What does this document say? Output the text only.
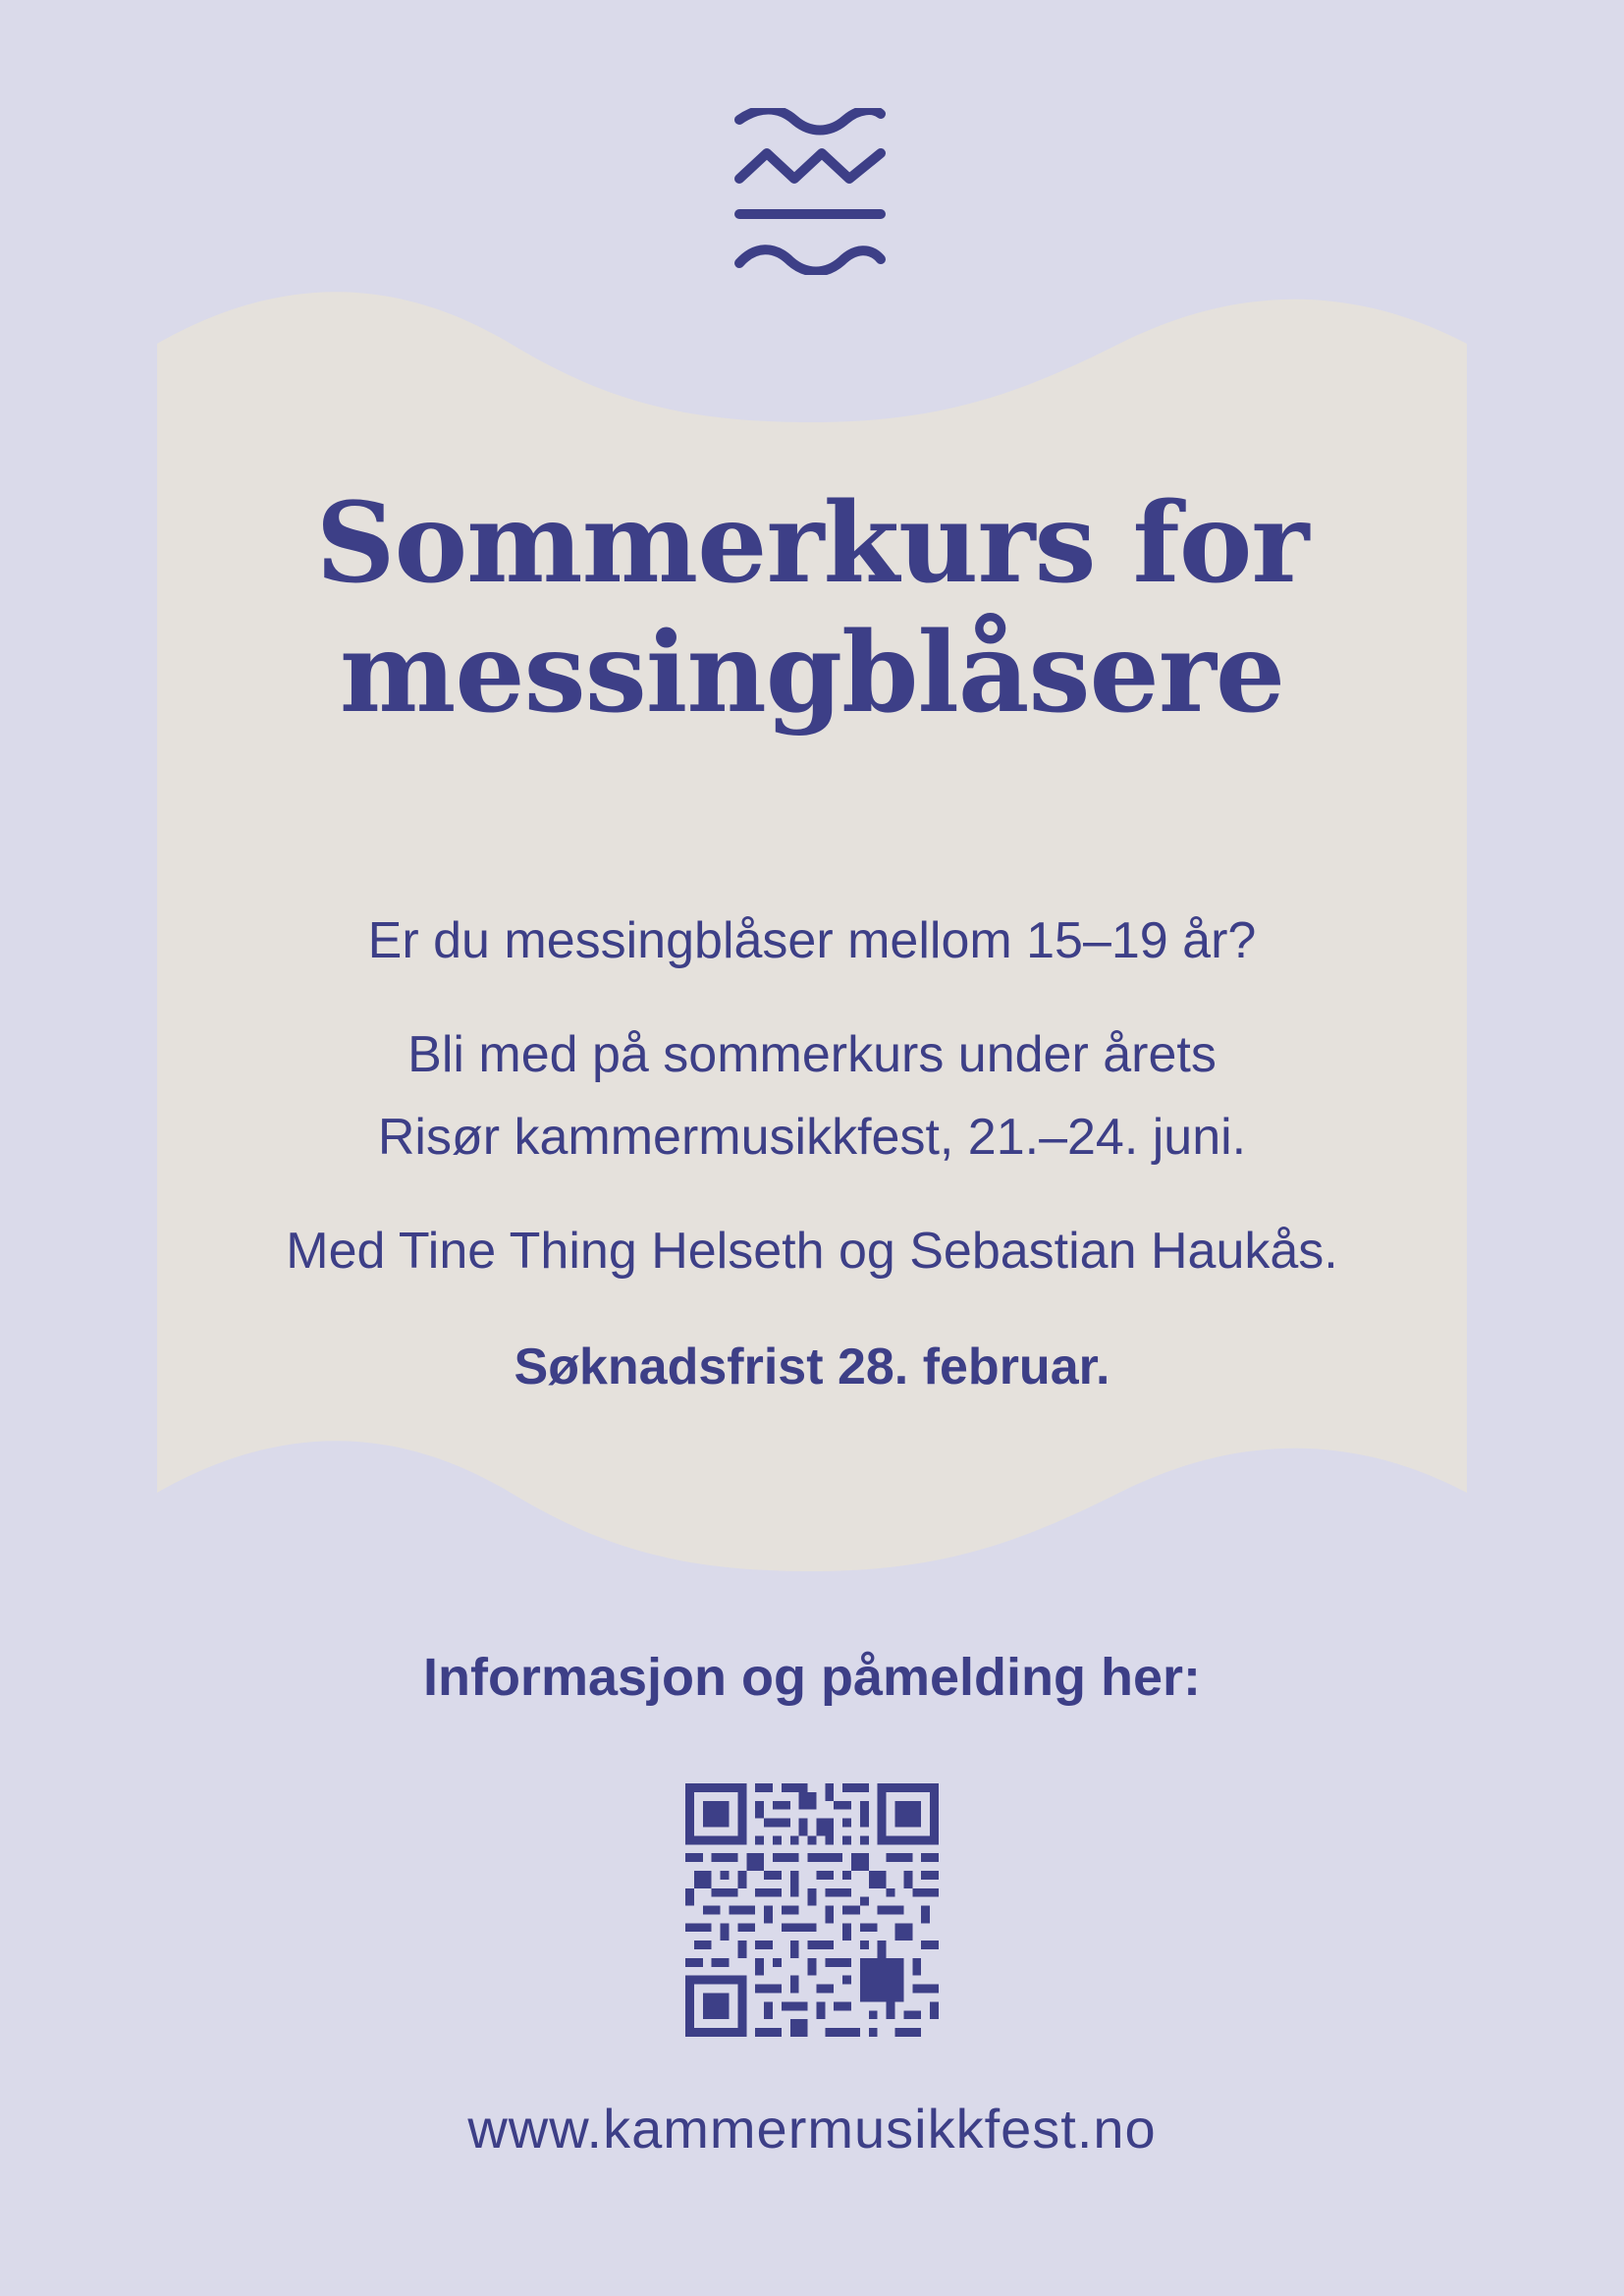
Sommerkurs for
messingblåsere

Er du messingblåser mellom 15–19 år?

Bli med på sommerkurs under årets

Risør kammermusikkfest, 21.–24. juni.

Med Tine Thing Helseth og Sebastian Haukås.

Søknadsfrist 28. februar.

Informasjon og påmelding her:

www.kammermusikkfest.no
